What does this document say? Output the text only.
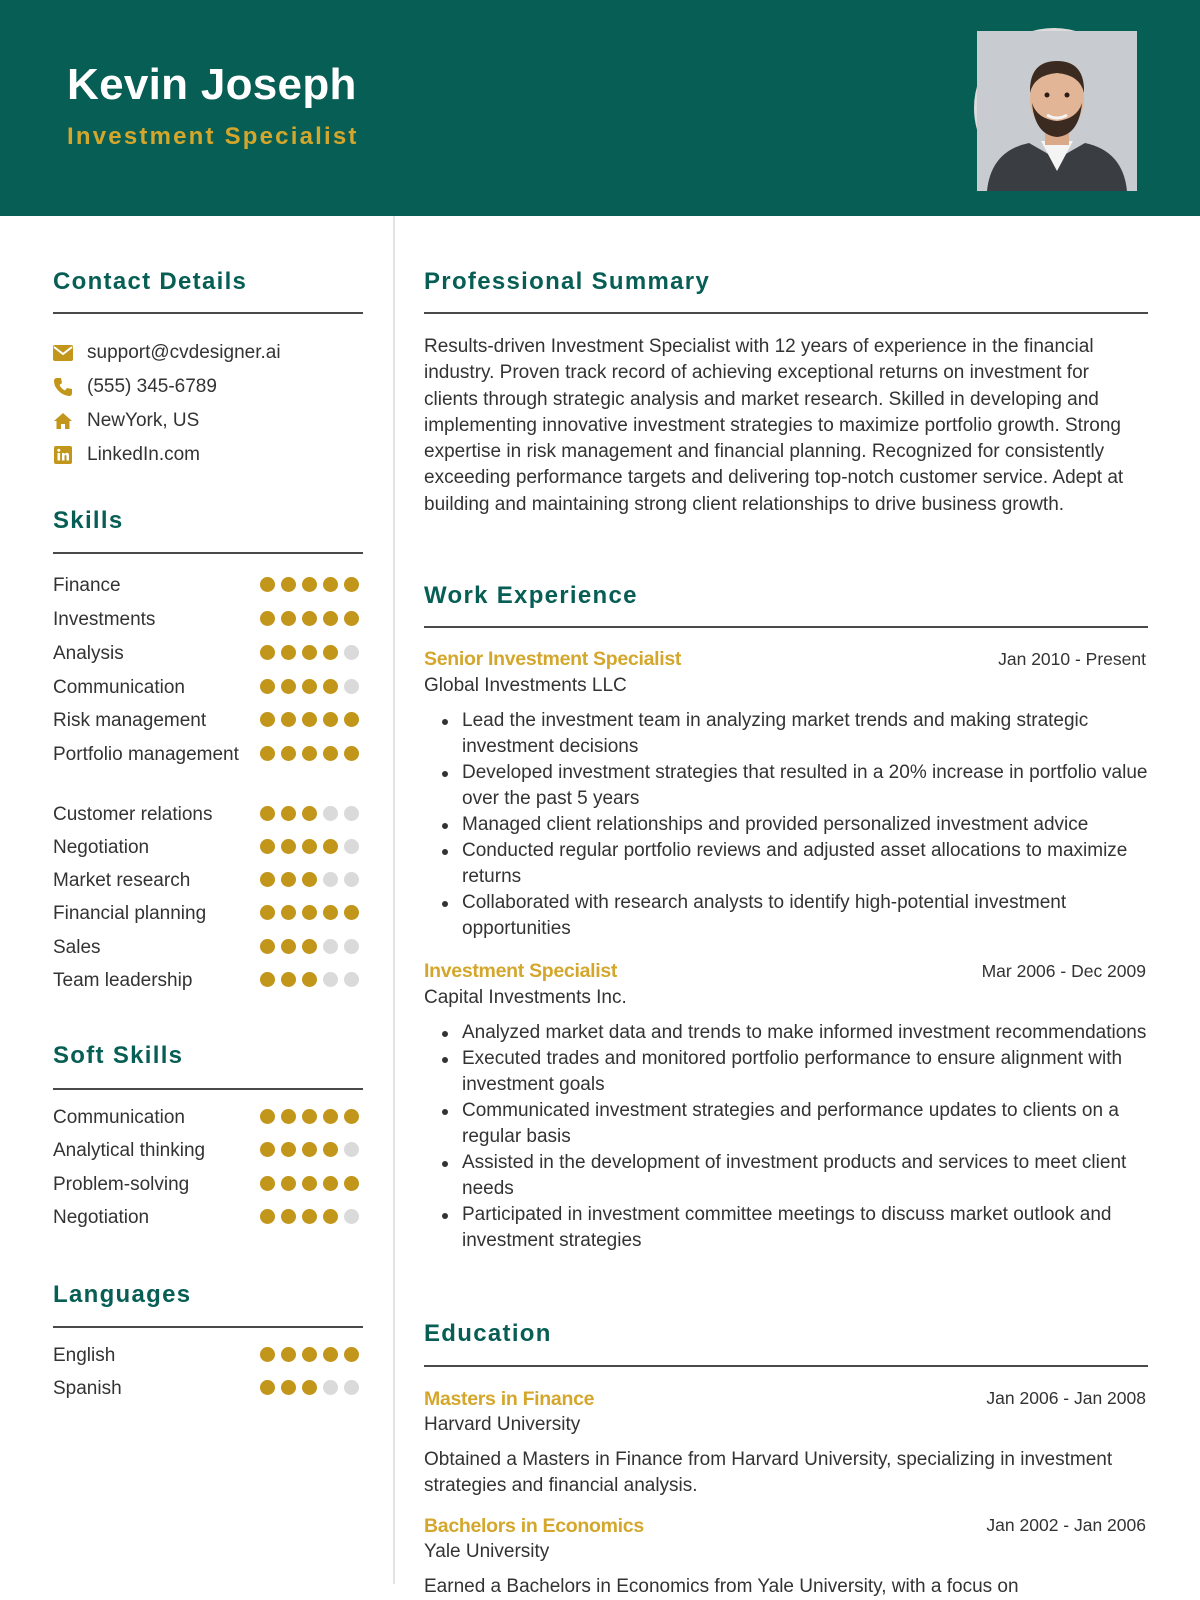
Kevin Joseph
Investment Specialist
Contact Details
support@cvdesigner.ai
(555) 345-6789
NewYork, US
LinkedIn.com
Skills
Finance
Investments
Analysis
Communication
Risk management
Portfolio management
Customer relations
Negotiation
Market research
Financial planning
Sales
Team leadership
Soft Skills
Communication
Analytical thinking
Problem-solving
Negotiation
Languages
English
Spanish
Professional Summary

Results-driven Investment Specialist with 12 years of experience in the financial industry. Proven track record of achieving exceptional returns on investment for clients through strategic analysis and market research. Skilled in developing and implementing innovative investment strategies to maximize portfolio growth. Strong expertise in risk management and financial planning. Recognized for consistently exceeding performance targets and delivering top-notch customer service. Adept at building and maintaining strong client relationships to drive business growth.

Work Experience
Senior Investment Specialist	Jan 2010 - Present
Global Investments LLC
Lead the investment team in analyzing market trends and making strategic investment decisions
Developed investment strategies that resulted in a 20% increase in portfolio value over the past 5 years
Managed client relationships and provided personalized investment advice
Conducted regular portfolio reviews and adjusted asset allocations to maximize returns
Collaborated with research analysts to identify high-potential investment opportunities
Investment Specialist	Mar 2006 - Dec 2009
Capital Investments Inc.
Analyzed market data and trends to make informed investment recommendations
Executed trades and monitored portfolio performance to ensure alignment with investment goals
Communicated investment strategies and performance updates to clients on a regular basis
Assisted in the development of investment products and services to meet client needs
Participated in investment committee meetings to discuss market outlook and investment strategies
Education
Masters in Finance	Jan 2006 - Jan 2008
Harvard University

Obtained a Masters in Finance from Harvard University, specializing in investment strategies and financial analysis.

Bachelors in Economics	Jan 2002 - Jan 2006
Yale University

Earned a Bachelors in Economics from Yale University, with a focus on
